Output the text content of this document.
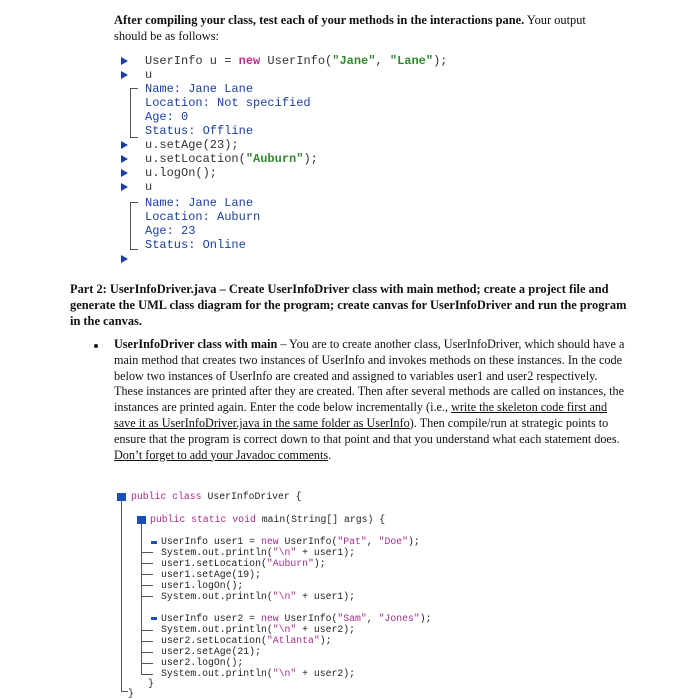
After compiling your class, test each of your methods in the interactions pane. Your output should be as follows:
UserInfo u = new UserInfo("Jane", "Lane");
u
Name: Jane Lane
Location: Not specified
Age: 0
Status: Offline
u.setAge(23);
u.setLocation("Auburn");
u.logOn();
u
Name: Jane Lane
Location: Auburn
Age: 23
Status: Online
Part 2: UserInfoDriver.java – Create UserInfoDriver class with main method; create a project file and generate the UML class diagram for the program; create canvas for UserInfoDriver and run the program in the canvas.
UserInfoDriver class with main – You are to create another class, UserInfoDriver, which should have a main method that creates two instances of UserInfo and invokes methods on these instances. In the code below two instances of UserInfo are created and assigned to variables user1 and user2 respectively. These instances are printed after they are created. Then after several methods are called on instances, the instances are printed again. Enter the code below incrementally (i.e., write the skeleton code first and save it as UserInfoDriver.java in the same folder as UserInfo). Then compile/run at strategic points to ensure that the program is correct down to that point and that you understand what each statement does. Don’t forget to add your Javadoc comments.
public class UserInfoDriver {
public static void main(String[] args) {
UserInfo user1 = new UserInfo("Pat", "Doe");
System.out.println("\n" + user1);
user1.setLocation("Auburn");
user1.setAge(19);
user1.logOn();
System.out.println("\n" + user1);
UserInfo user2 = new UserInfo("Sam", "Jones");
System.out.println("\n" + user2);
user2.setLocation("Atlanta");
user2.setAge(21);
user2.logOn();
System.out.println("\n" + user2);
}
}
